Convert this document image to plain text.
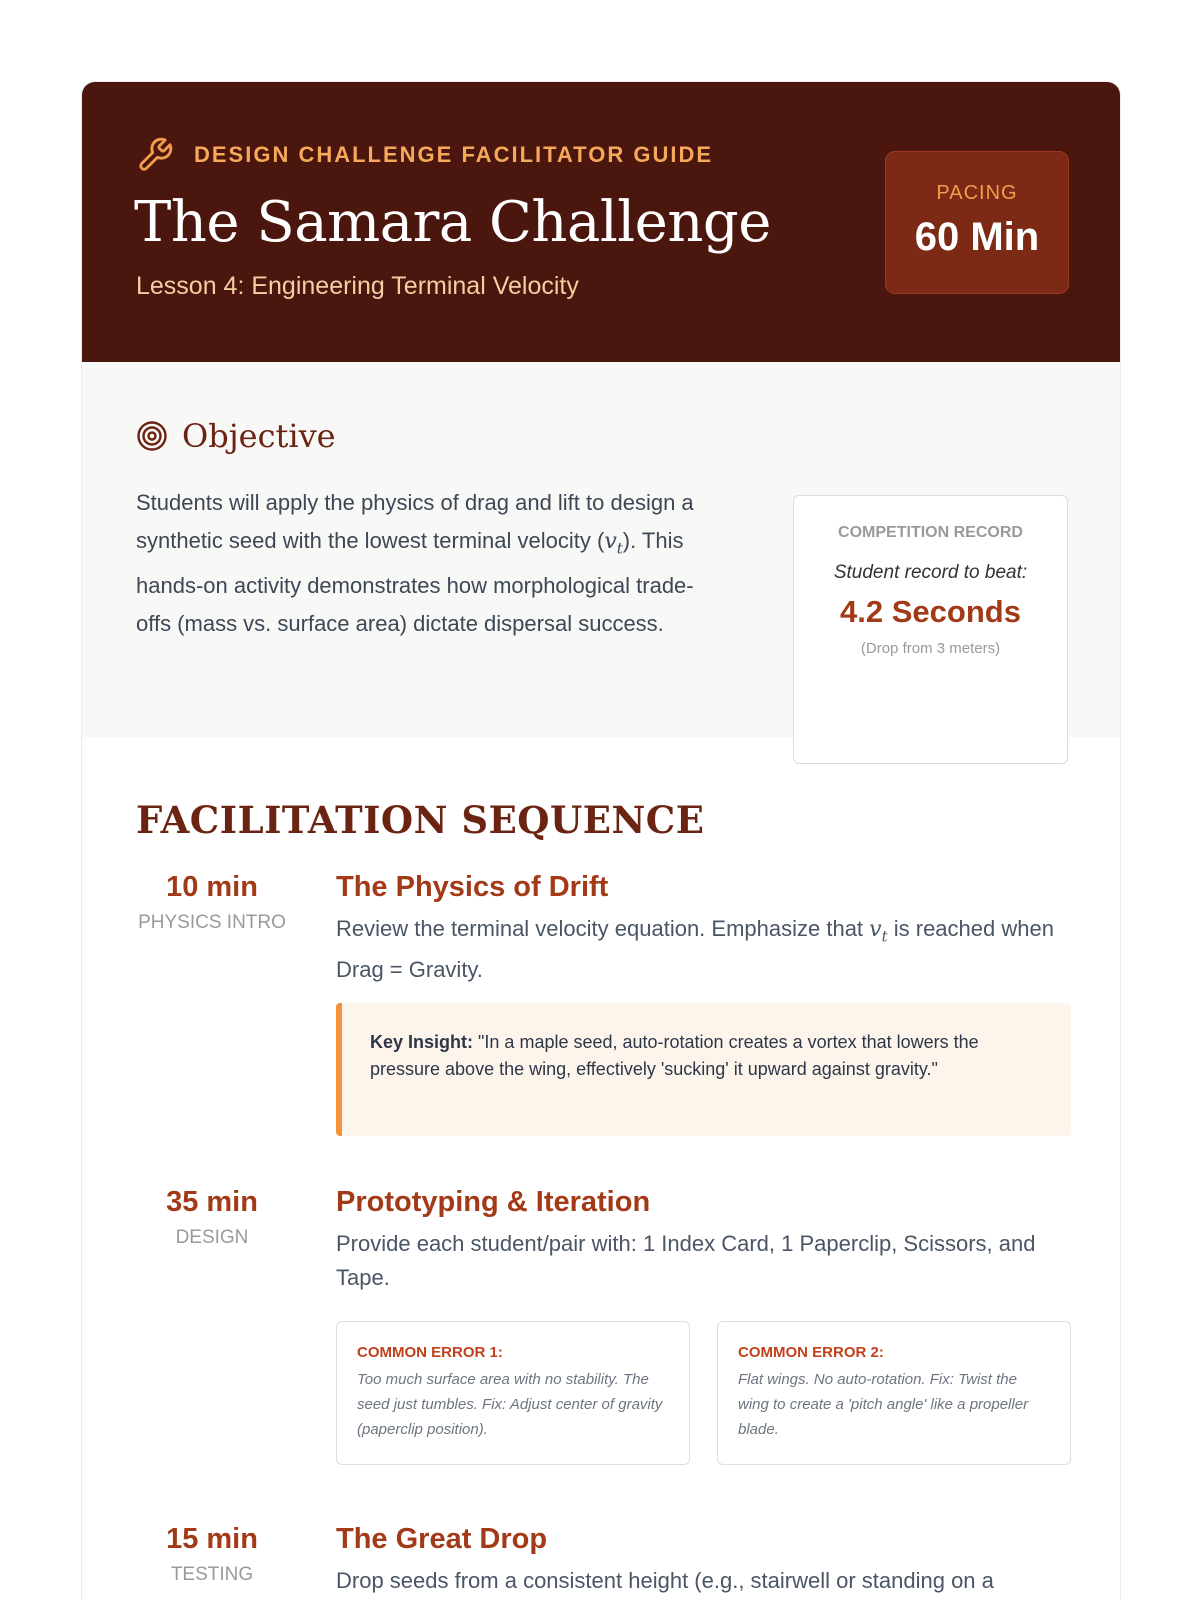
DESIGN CHALLENGE FACILITATOR GUIDE
The Samara Challenge
Lesson 4: Engineering Terminal Velocity
PACING
60 Min
Objective

Students will apply the physics of drag and lift to design a synthetic seed with the lowest terminal velocity $(v_t)$. This hands-on activity demonstrates how morphological trade-offs (mass vs. surface area) dictate dispersal success.

COMPETITION RECORD
Student record to beat:
4.2 Seconds
(Drop from 3 meters)
FACILITATION SEQUENCE
10 min
PHYSICS INTRO
The Physics of Drift
Review the terminal velocity equation. Emphasize that $v_t$ is reached when Drag = Gravity.
Key Insight: "In a maple seed, auto-rotation creates a vortex that lowers the pressure above the wing, effectively 'sucking' it upward against gravity."
35 min
DESIGN
Prototyping & Iteration
Provide each student/pair with: 1 Index Card, 1 Paperclip, Scissors, and Tape.
COMMON ERROR 1:
Too much surface area with no stability. The seed just tumbles. Fix: Adjust center of gravity (paperclip position).
COMMON ERROR 2:
Flat wings. No auto-rotation. Fix: Twist the wing to create a 'pitch angle' like a propeller blade.
15 min
TESTING
The Great Drop
Drop seeds from a consistent height (e.g., stairwell or standing on a
